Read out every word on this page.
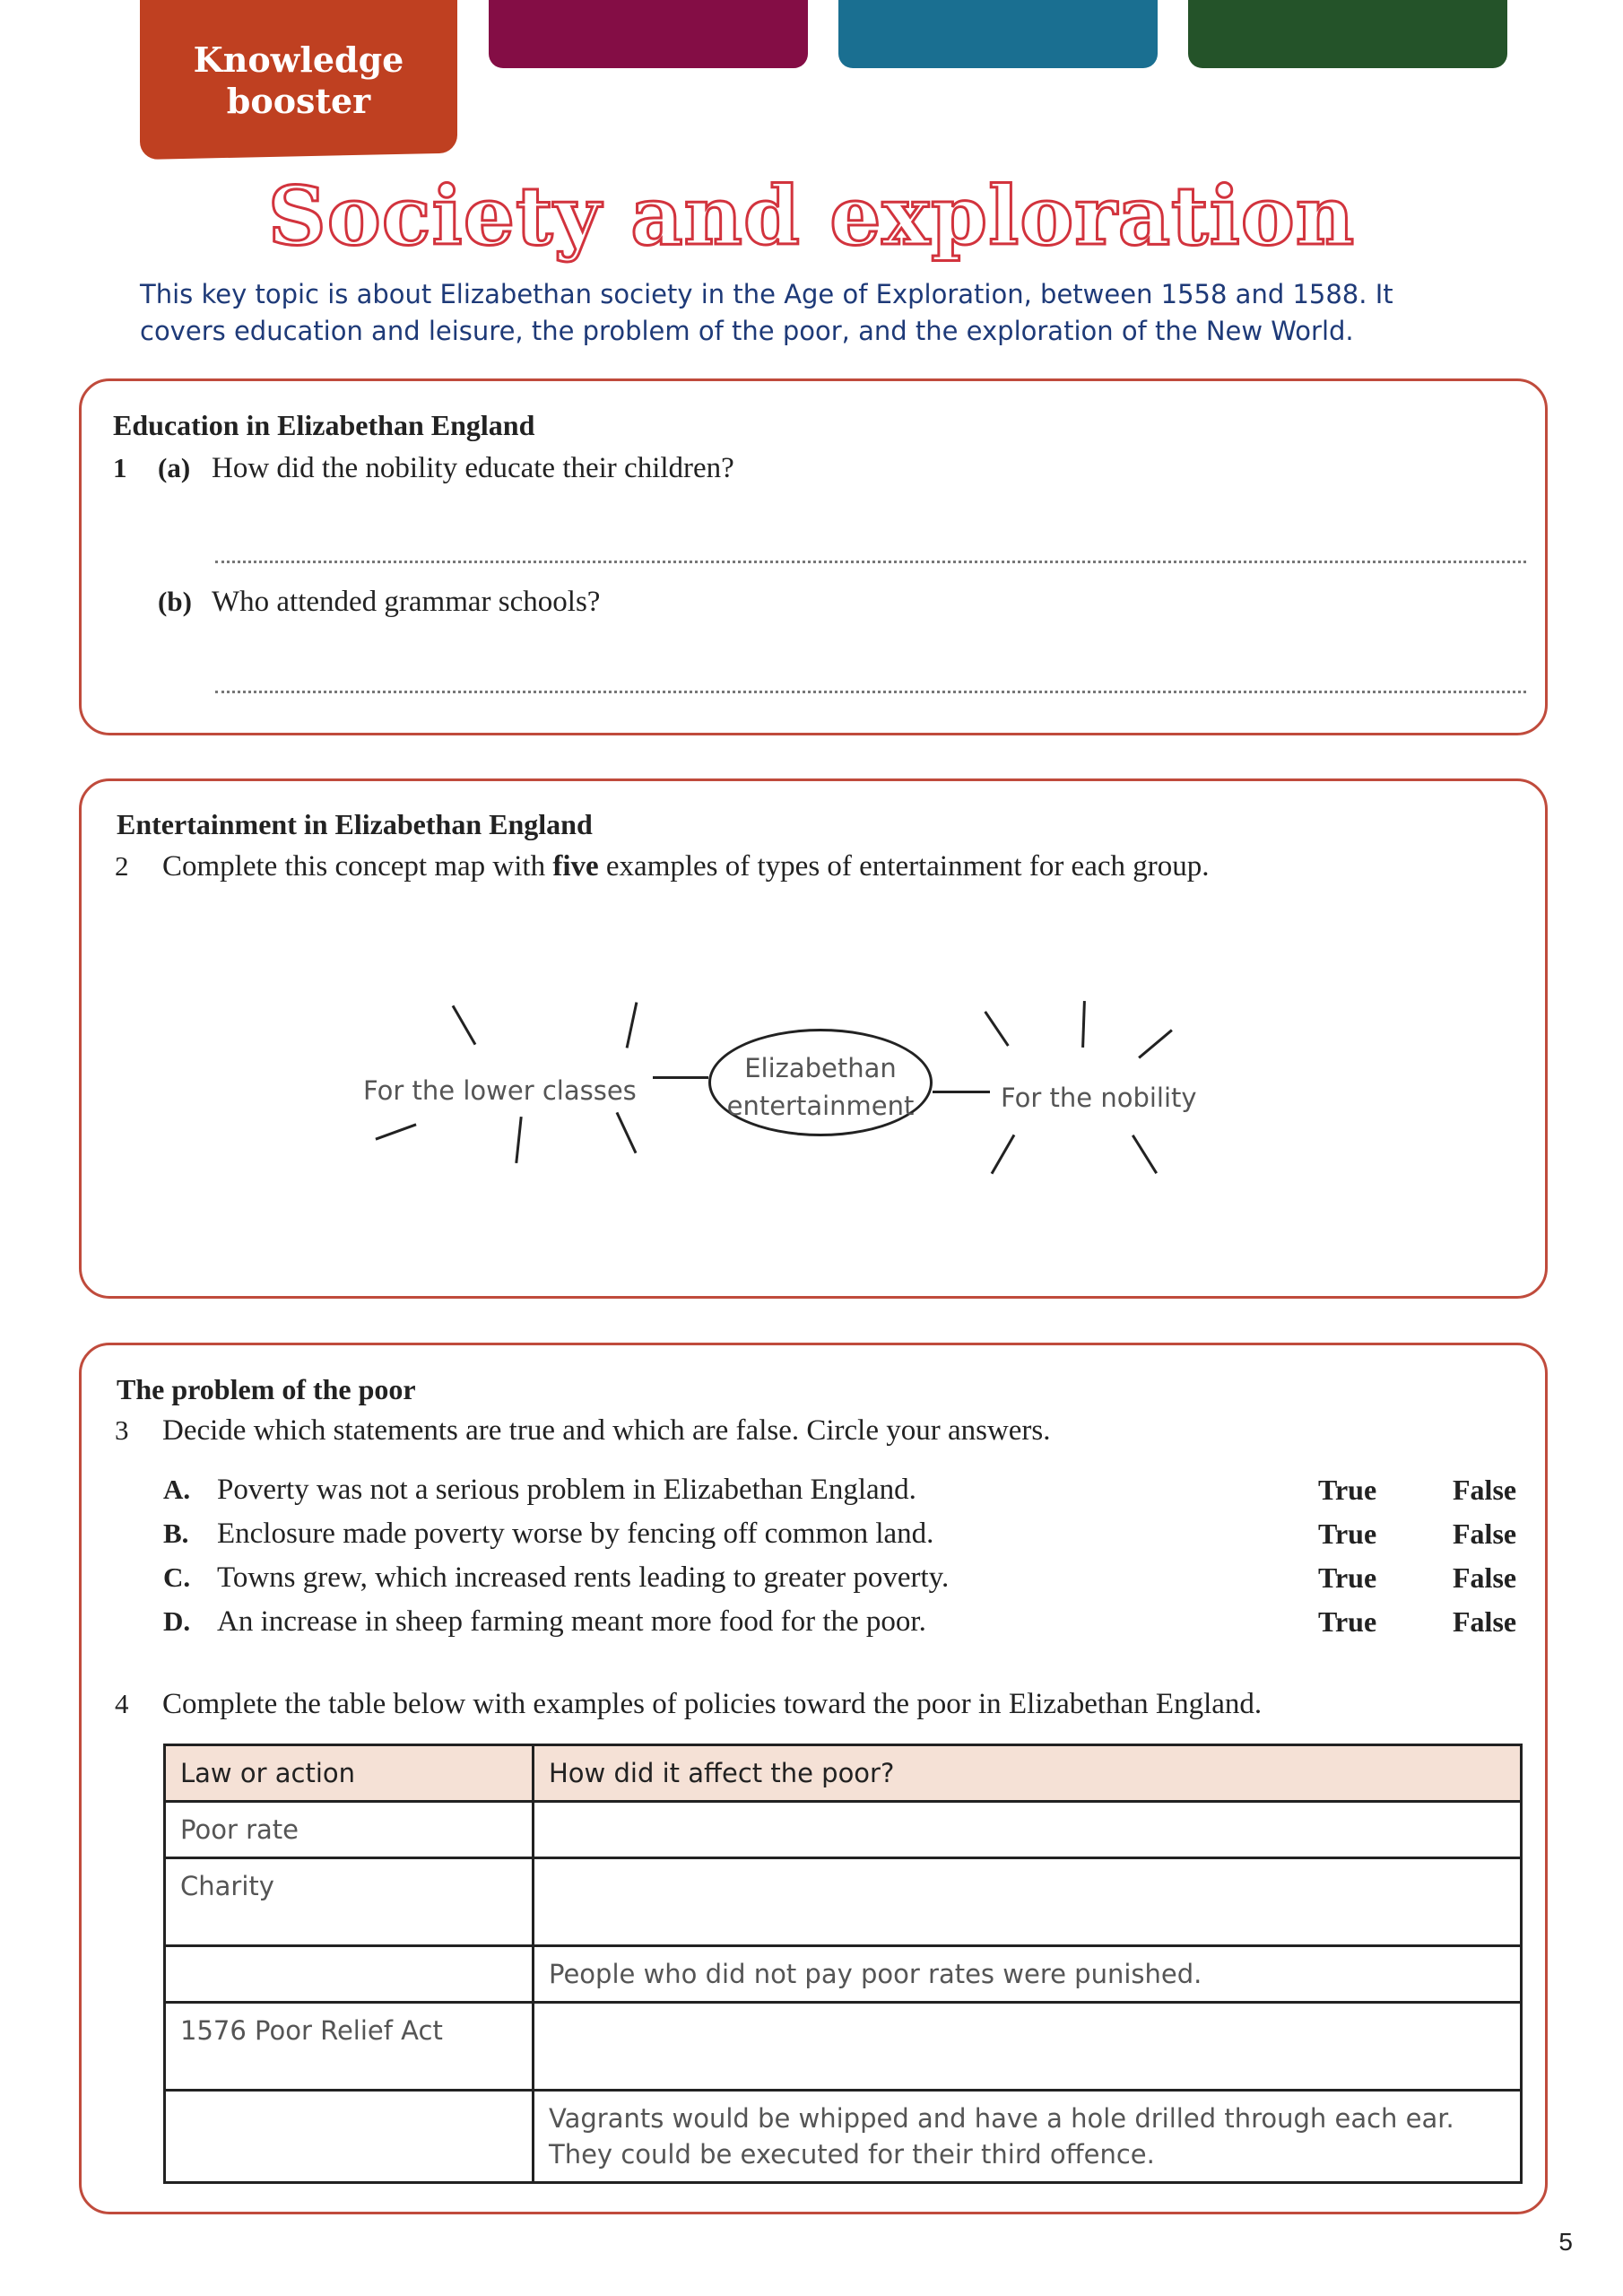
Knowledge
booster
Society and exploration
This key topic is about Elizabethan society in the Age of Exploration, between 1558 and 1588. It
covers education and leisure, the problem of the poor, and the exploration of the New World.
Education in Elizabethan England
1 (a) How did the nobility educate their children?
(b) Who attended grammar schools?
Entertainment in Elizabethan England
2 Complete this concept map with five examples of types of entertainment for each group.
Elizabethan
entertainment
For the lower classes	For the nobility
The problem of the poor
3 Decide which statements are true and which are false. Circle your answers.
A. Poverty was not a serious problem in Elizabethan England.	True	False
B. Enclosure made poverty worse by fencing off common land.	True	False
C. Towns grew, which increased rents leading to greater poverty.	True	False
D. An increase in sheep farming meant more food for the poor.	True	False
4 Complete the table below with examples of policies toward the poor in Elizabethan England.
Law or action	How did it affect the poor?
Poor rate	
Charity	
	People who did not pay poor rates were punished.
1576 Poor Relief Act	

	Vagrants would be whipped and have a hole drilled through each ear.
They could be executed for their third offence.
5
